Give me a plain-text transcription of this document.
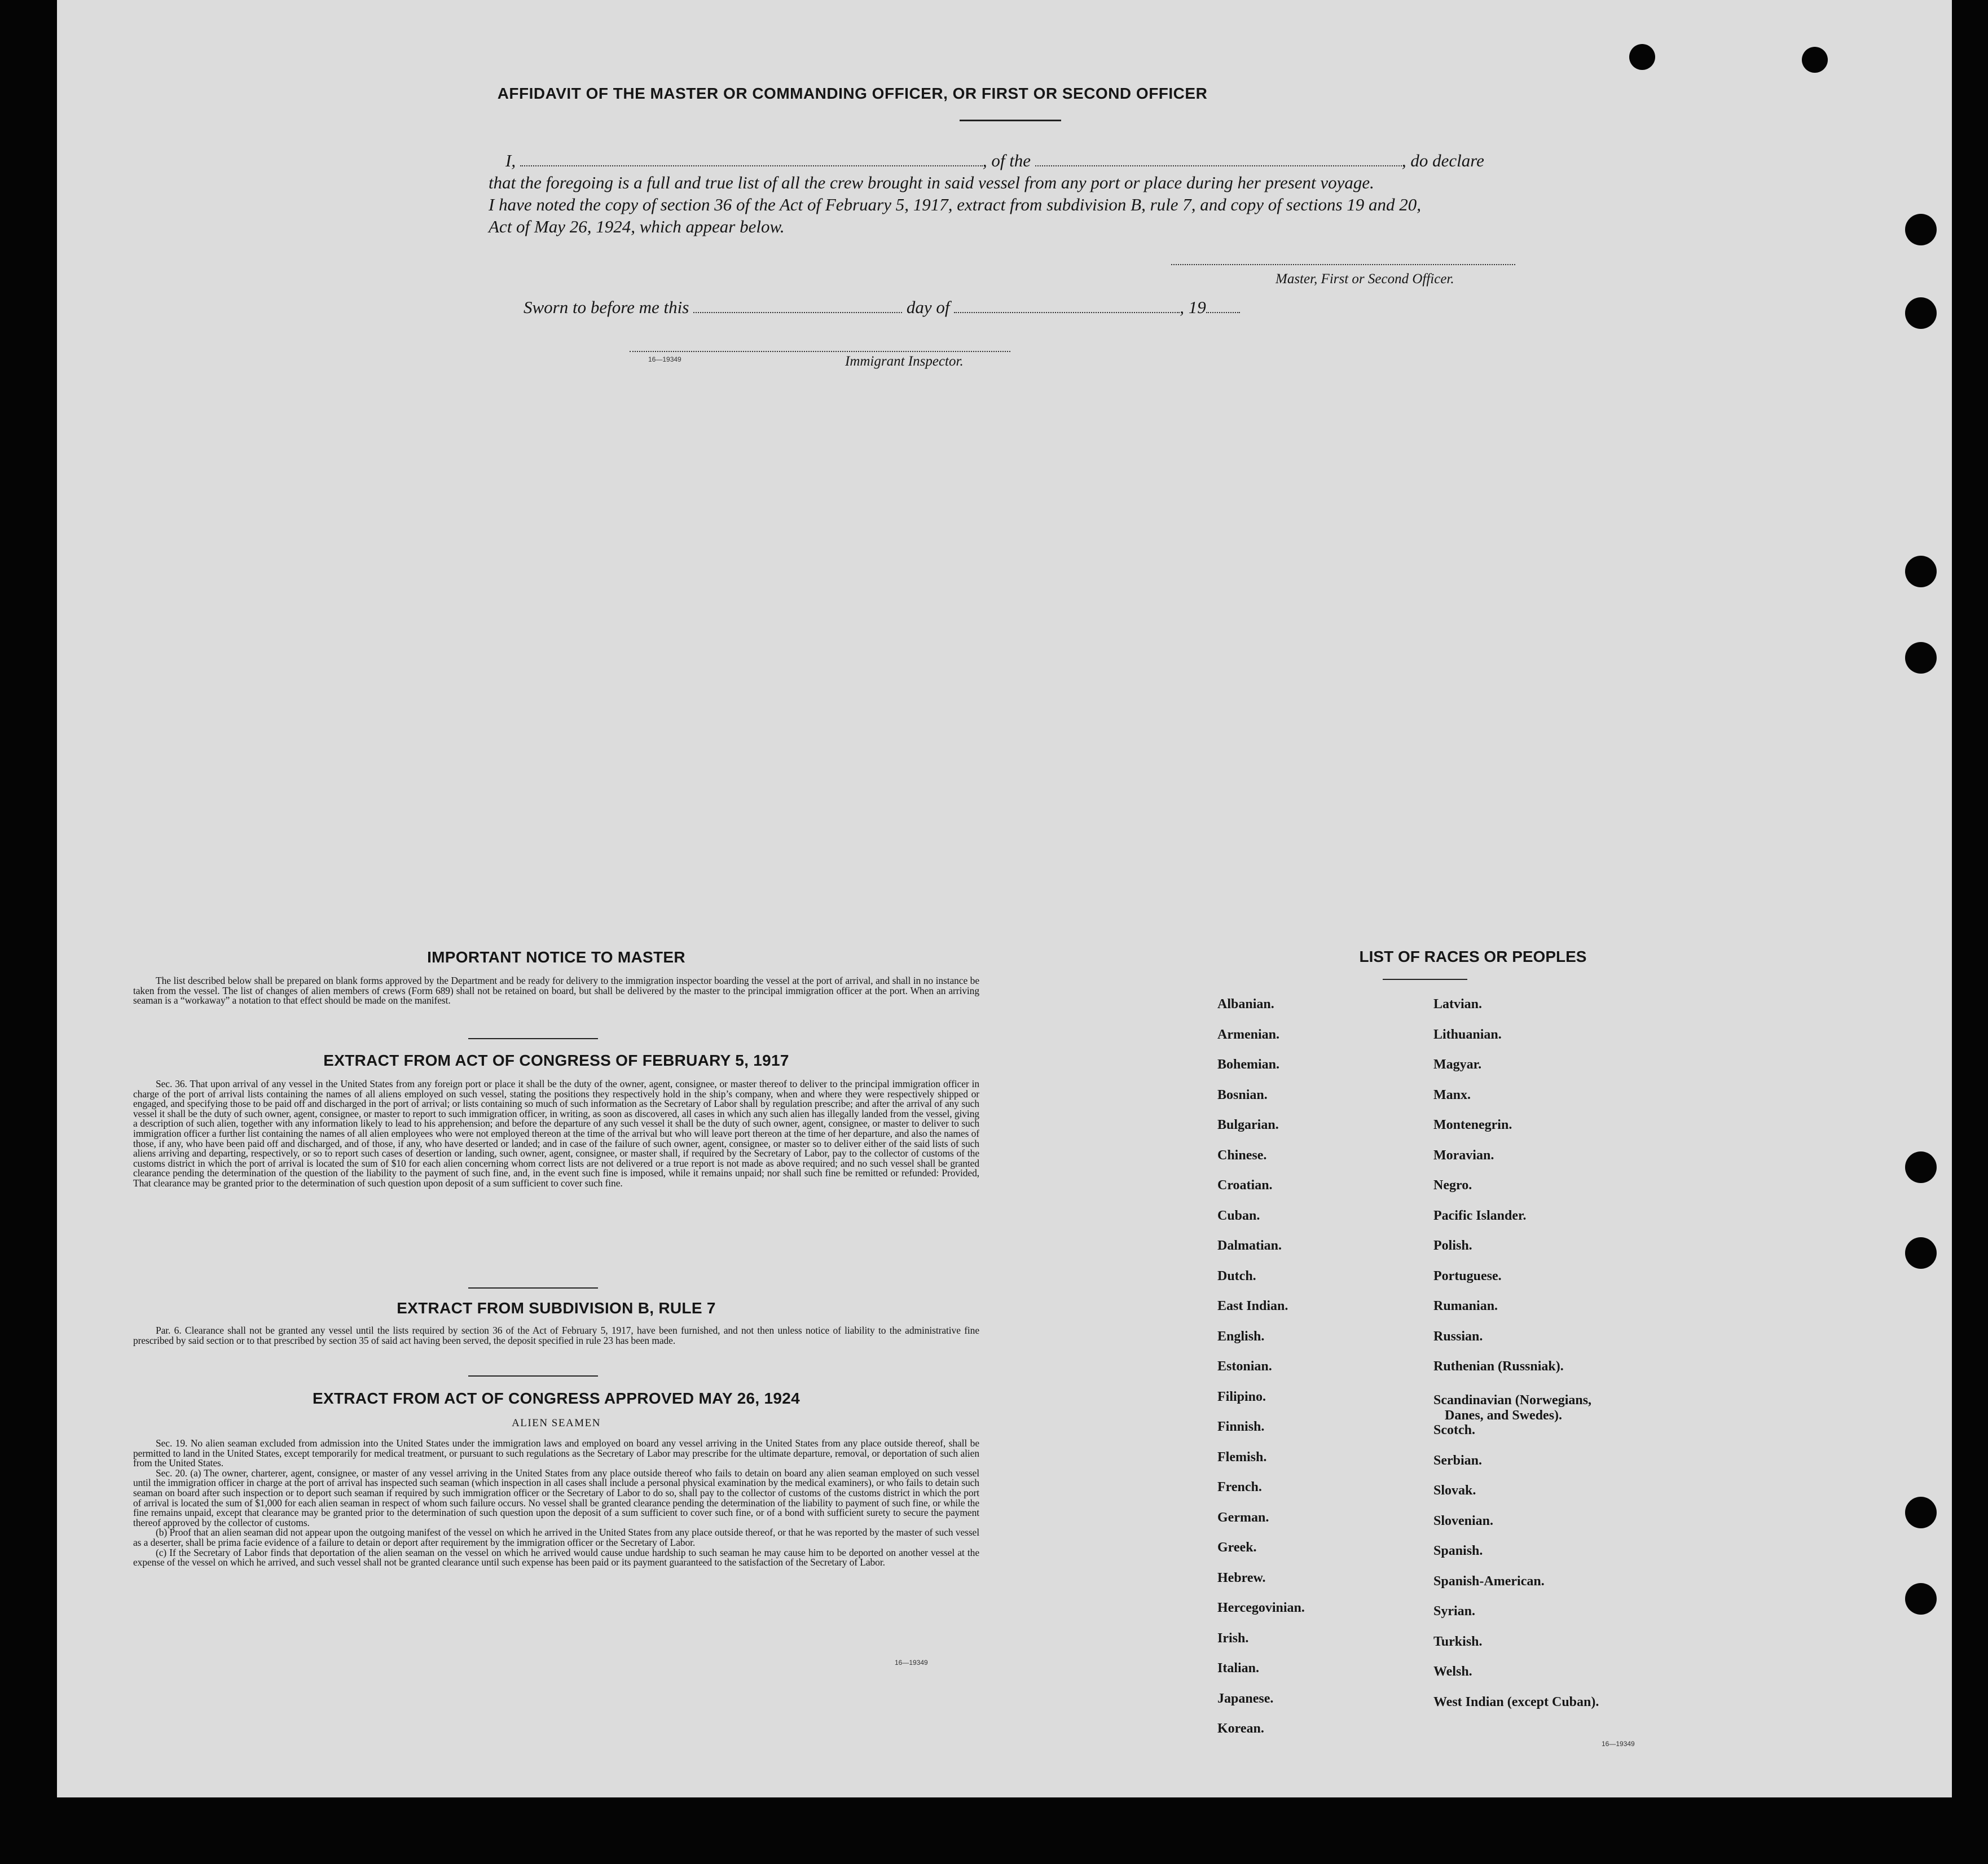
AFFIDAVIT OF THE MASTER OR COMMANDING OFFICER, OR FIRST OR SECOND OFFICER
I,	, of the	, do declare
that the foregoing is a full and true list of all the crew brought in said vessel from any port or place during her present voyage.
I have noted the copy of section 36 of the Act of February 5, 1917, extract from subdivision B, rule 7, and copy of sections 19 and 20,
Act of May 26, 1924, which appear below.
Master, First or Second Officer.
Sworn to before me this	day of	, 19
16—19349	Immigrant Inspector.
IMPORTANT NOTICE TO MASTER
The list described below shall be prepared on blank forms approved by the Department and be ready for delivery to the immigration inspector boarding the vessel at the port of arrival, and shall in no instance be taken from the vessel. The list of changes of alien members of crews (Form 689) shall not be retained on board, but shall be delivered by the master to the principal immigration officer at the port. When an arriving seaman is a “workaway” a notation to that effect should be made on the manifest.
EXTRACT FROM ACT OF CONGRESS OF FEBRUARY 5, 1917
Sec. 36. That upon arrival of any vessel in the United States from any foreign port or place it shall be the duty of the owner, agent, consignee, or master thereof to deliver to the principal immigration officer in charge of the port of arrival lists containing the names of all aliens employed on such vessel, stating the positions they respectively hold in the ship’s company, when and where they were respectively shipped or engaged, and specifying those to be paid off and discharged in the port of arrival; or lists containing so much of such information as the Secretary of Labor shall by regulation prescribe; and after the arrival of any such vessel it shall be the duty of such owner, agent, consignee, or master to report to such immigration officer, in writing, as soon as discovered, all cases in which any such alien has illegally landed from the vessel, giving a description of such alien, together with any information likely to lead to his apprehension; and before the departure of any such vessel it shall be the duty of such owner, agent, consignee, or master to deliver to such immigration officer a further list containing the names of all alien employees who were not employed thereon at the time of the arrival but who will leave port thereon at the time of her departure, and also the names of those, if any, who have been paid off and discharged, and of those, if any, who have deserted or landed; and in case of the failure of such owner, agent, consignee, or master so to deliver either of the said lists of such aliens arriving and departing, respectively, or so to report such cases of desertion or landing, such owner, agent, consignee, or master shall, if required by the Secretary of Labor, pay to the collector of customs of the customs district in which the port of arrival is located the sum of $10 for each alien concerning whom correct lists are not delivered or a true report is not made as above required; and no such vessel shall be granted clearance pending the determination of the question of the liability to the payment of such fine, and, in the event such fine is imposed, while it remains unpaid; nor shall such fine be remitted or refunded: Provided, That clearance may be granted prior to the determination of such question upon deposit of a sum sufficient to cover such fine.
EXTRACT FROM SUBDIVISION B, RULE 7
Par. 6. Clearance shall not be granted any vessel until the lists required by section 36 of the Act of February 5, 1917, have been furnished, and not then unless notice of liability to the administrative fine prescribed by said section or to that prescribed by section 35 of said act having been served, the deposit specified in rule 23 has been made.
EXTRACT FROM ACT OF CONGRESS APPROVED MAY 26, 1924
ALIEN SEAMEN

Sec. 19. No alien seaman excluded from admission into the United States under the immigration laws and employed on board any vessel arriving in the United States from any place outside thereof, shall be permitted to land in the United States, except temporarily for medical treatment, or pursuant to such regulations as the Secretary of Labor may prescribe for the ultimate departure, removal, or deportation of such alien from the United States.

Sec. 20. (a) The owner, charterer, agent, consignee, or master of any vessel arriving in the United States from any place outside thereof who fails to detain on board any alien seaman employed on such vessel until the immigration officer in charge at the port of arrival has inspected such seaman (which inspection in all cases shall include a personal physical examination by the medical examiners), or who fails to detain such seaman on board after such inspection or to deport such seaman if required by such immigration officer or the Secretary of Labor to do so, shall pay to the collector of customs of the customs district in which the port of arrival is located the sum of $1,000 for each alien seaman in respect of whom such failure occurs. No vessel shall be granted clearance pending the determination of the liability to payment of such fine, or while the fine remains unpaid, except that clearance may be granted prior to the determination of such question upon the deposit of a sum sufficient to cover such fine, or of a bond with sufficient surety to secure the payment thereof approved by the collector of customs.

(b) Proof that an alien seaman did not appear upon the outgoing manifest of the vessel on which he arrived in the United States from any place outside thereof, or that he was reported by the master of such vessel as a deserter, shall be prima facie evidence of a failure to detain or deport after requirement by the immigration officer or the Secretary of Labor.

(c) If the Secretary of Labor finds that deportation of the alien seaman on the vessel on which he arrived would cause undue hardship to such seaman he may cause him to be deported on another vessel at the expense of the vessel on which he arrived, and such vessel shall not be granted clearance until such expense has been paid or its payment guaranteed to the satisfaction of the Secretary of Labor.

16—19349
LIST OF RACES OR PEOPLES
Albanian.
Armenian.
Bohemian.
Bosnian.
Bulgarian.
Chinese.
Croatian.
Cuban.
Dalmatian.
Dutch.
East Indian.
English.
Estonian.
Filipino.
Finnish.
Flemish.
French.
German.
Greek.
Hebrew.
Hercegovinian.
Irish.
Italian.
Japanese.
Korean.
Latvian.
Lithuanian.
Magyar.
Manx.
Montenegrin.
Moravian.
Negro.
Pacific Islander.
Polish.
Portuguese.
Rumanian.
Russian.
Ruthenian (Russniak).
Scandinavian (Norwegians,
Danes, and Swedes).
Scotch.
Serbian.
Slovak.
Slovenian.
Spanish.
Spanish-American.
Syrian.
Turkish.
Welsh.
West Indian (except Cuban).
16—19349
